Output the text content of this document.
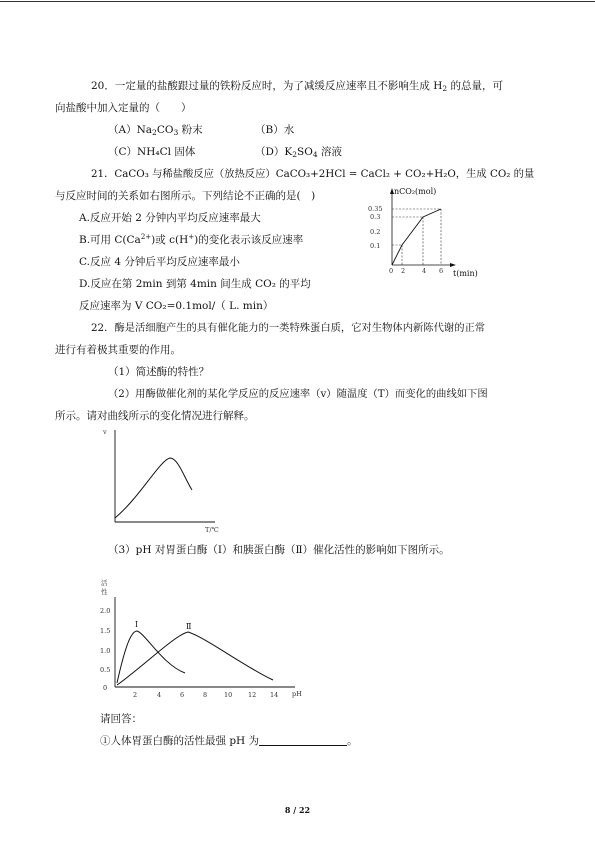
20．一定量的盐酸跟过量的铁粉反应时，为了减缓反应速率且不影响生成 $H_2$ 的总量，可
向盐酸中加入定量的（　　）
$(A)Na_2CO_3$ 粉末	（B）水
（C）NH₄Cl 固体	$(D)K_2SO_4$ 溶液
21．CaCO₃ 与稀盐酸反应（放热反应）CaCO₃+2HCl = CaCl₂ + CO₂+H₂O，生成 CO₂ 的量
与反应时间的关系如右图所示。下列结论不正确的是(　)
A.反应开始 2 分钟内平均反应速率最大
B.可用 $C(Ca^{2+})$或 c(H+)的变化表示该反应速率
C.反应 4 分钟后平均反应速率最小
D.反应在第 2min 到第 4min 间生成 CO₂ 的平均
反应速率为 V CO₂=0.1mol/（ L. min）
nCO₂(mol)
t(min)
0.35
0.3
0.2
0.1
0 2	4 6
22．酶是活细胞产生的具有催化能力的一类特殊蛋白质，它对生物体内新陈代谢的正常
进行有着极其重要的作用。
（1）简述酶的特性？
（2）用酶做催化剂的某化学反应的反应速率（v）随温度（T）而变化的曲线如下图
所示。请对曲线所示的变化情况进行解释。
v
T/℃
（3）pH 对胃蛋白酶（Ⅰ）和胰蛋白酶（Ⅱ）催化活性的影响如下图所示。
活
性
2.0
1.5
1.0
0.5
0
2	4	6	8	10 12 14 pH
Ⅰ	Ⅱ
请回答：
①人体胃蛋白酶的活性最强 pH 为	。
8 / 22
